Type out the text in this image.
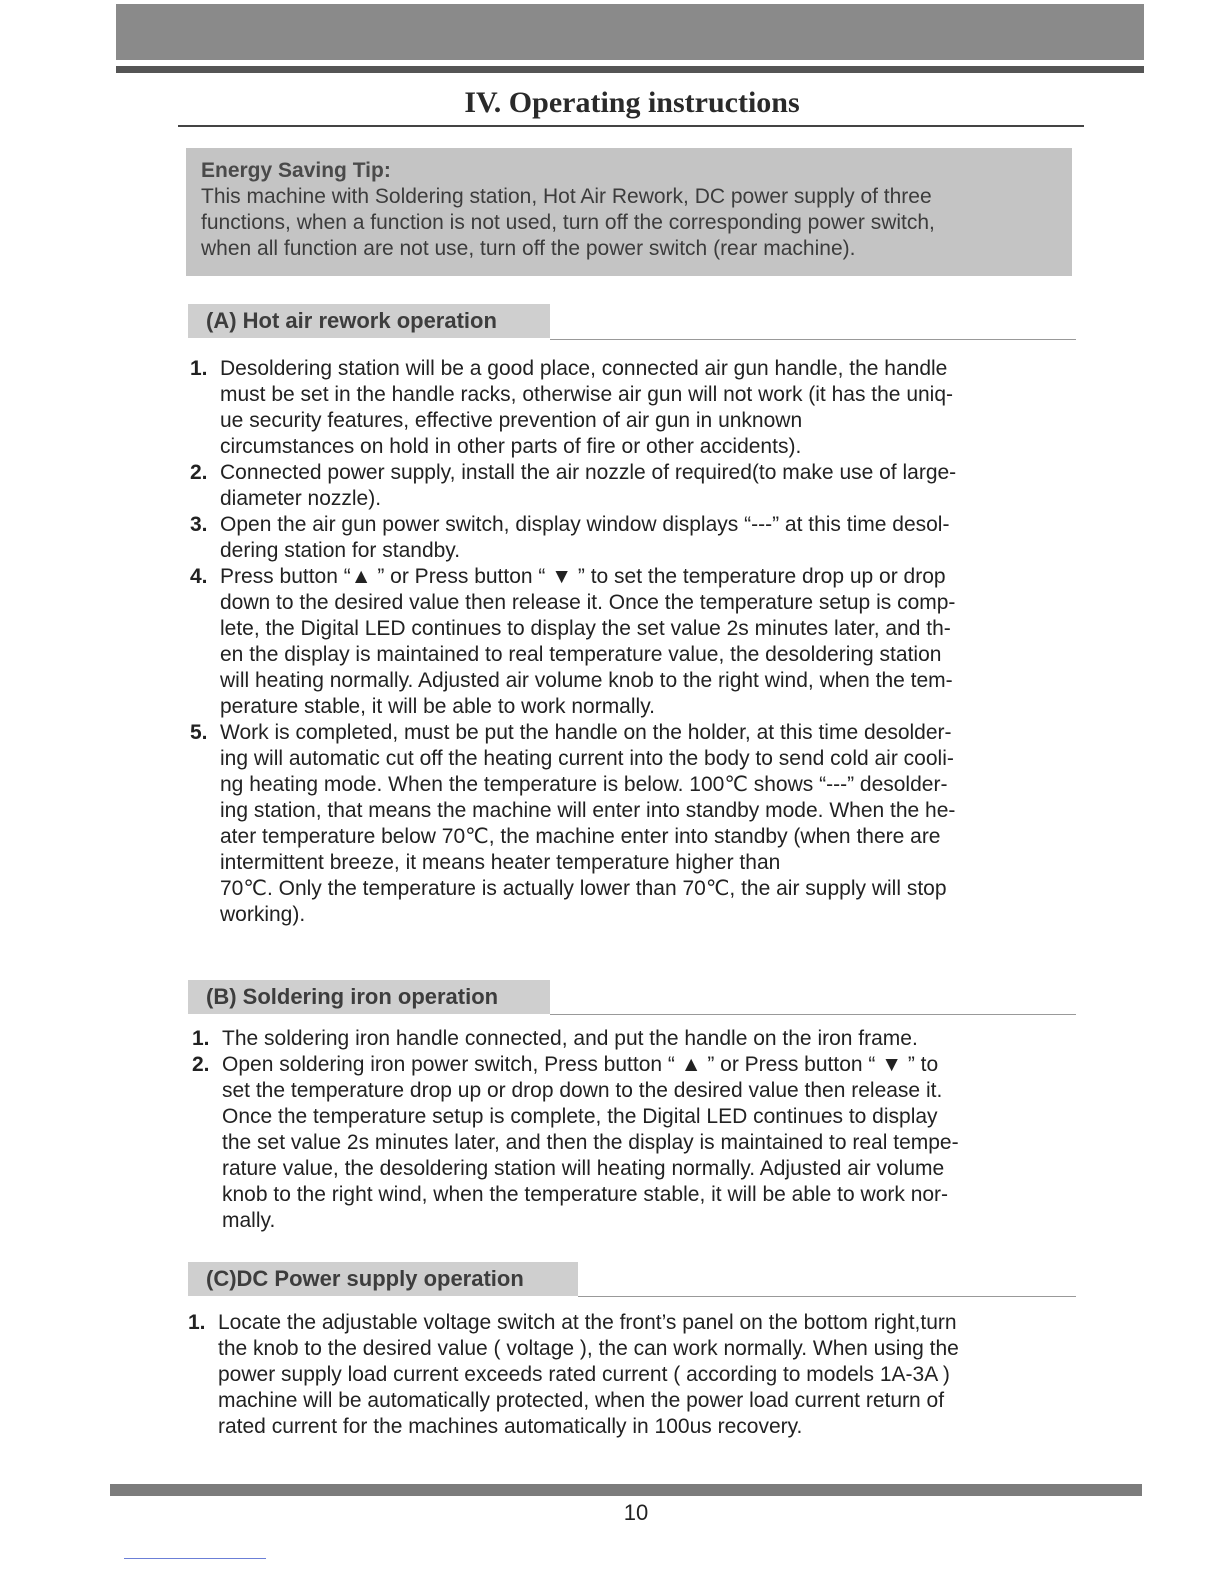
IV. Operating instructions
Energy Saving Tip:
This machine with Soldering station, Hot Air Rework, DC power supply of three
functions, when a function is not used, turn off the corresponding power switch,
when all function are not use, turn off the power switch (rear machine).
(A) Hot air rework operation
1. Desoldering station will be a good place, connected air gun handle, the handle
must be set in the handle racks, otherwise air gun will not work (it has the uniq-
ue security features, effective prevention of air gun in unknown
circumstances on hold in other parts of fire or other accidents).
2. Connected power supply, install the air nozzle of required(to make use of large-
diameter nozzle).
3. Open the air gun power switch, display window displays “---” at this time desol-
dering station for standby.
4. Press button “▲ ” or Press button “ ▼ ” to set the temperature drop up or drop
down to the desired value then release it. Once the temperature setup is comp-
lete, the Digital LED continues to display the set value 2s minutes later, and th-
en the display is maintained to real temperature value, the desoldering station
will heating normally. Adjusted air volume knob to the right wind, when the tem-
perature stable, it will be able to work normally.
5. Work is completed, must be put the handle on the holder, at this time desolder-
ing will automatic cut off the heating current into the body to send cold air cooli-
ng heating mode. When the temperature is below. 100℃ shows “---” desolder-
ing station, that means the machine will enter into standby mode. When the he-
ater temperature below 70℃, the machine enter into standby (when there are
intermittent breeze, it means heater temperature higher than
70℃. Only the temperature is actually lower than 70℃, the air supply will stop
working).
(B) Soldering iron operation
1. The soldering iron handle connected, and put the handle on the iron frame.
2. Open soldering iron power switch, Press button “ ▲ ” or Press button “ ▼ ” to
set the temperature drop up or drop down to the desired value then release it.
Once the temperature setup is complete, the Digital LED continues to display
the set value 2s minutes later, and then the display is maintained to real tempe-
rature value, the desoldering station will heating normally. Adjusted air volume
knob to the right wind, when the temperature stable, it will be able to work nor-
mally.
(C)DC Power supply operation
1. Locate the adjustable voltage switch at the front’s panel on the bottom right,turn
the knob to the desired value ( voltage ), the can work normally. When using the
power supply load current exceeds rated current ( according to models 1A-3A )
machine will be automatically protected, when the power load current return of
rated current for the machines automatically in 100us recovery.
10
